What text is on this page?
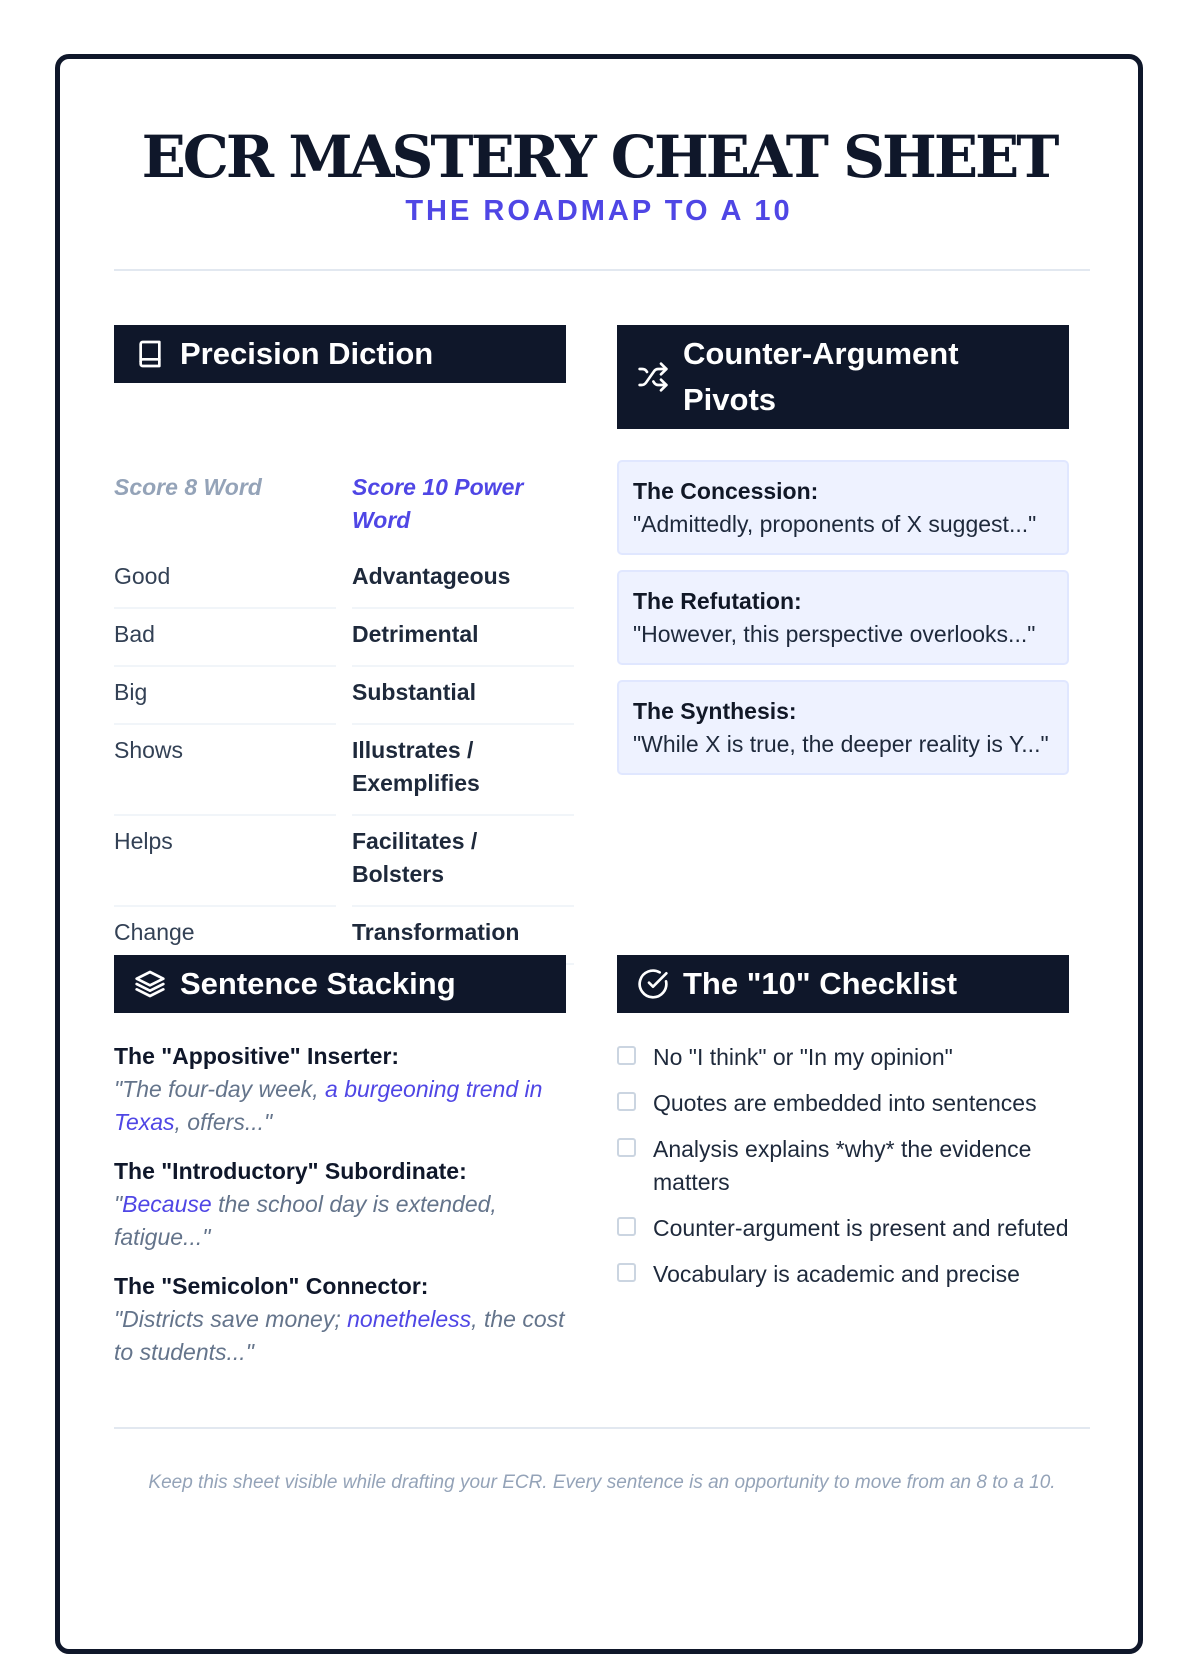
ECR MASTERY CHEAT SHEET
THE ROADMAP TO A 10
Precision Diction
Score 8 Word	Score 10 Power Word
Good	Advantageous
Bad	Detrimental
Big	Substantial
Shows	Illustrates / Exemplifies
Helps	Facilitates / Bolsters
Change	Transformation
Counter-Argument Pivots
The Concession:
"Admittedly, proponents of X suggest..."
The Refutation:
"However, this perspective overlooks..."
The Synthesis:
"While X is true, the deeper reality is Y..."
Sentence Stacking
The "Appositive" Inserter:
"The four-day week, a burgeoning trend in Texas, offers..."
The "Introductory" Subordinate:
"Because the school day is extended, fatigue..."
The "Semicolon" Connector:
"Districts save money; nonetheless, the cost to students..."
The "10" Checklist
No "I think" or "In my opinion"
Quotes are embedded into sentences
Analysis explains *why* the evidence matters
Counter-argument is present and refuted
Vocabulary is academic and precise
Keep this sheet visible while drafting your ECR. Every sentence is an opportunity to move from an 8 to a 10.
